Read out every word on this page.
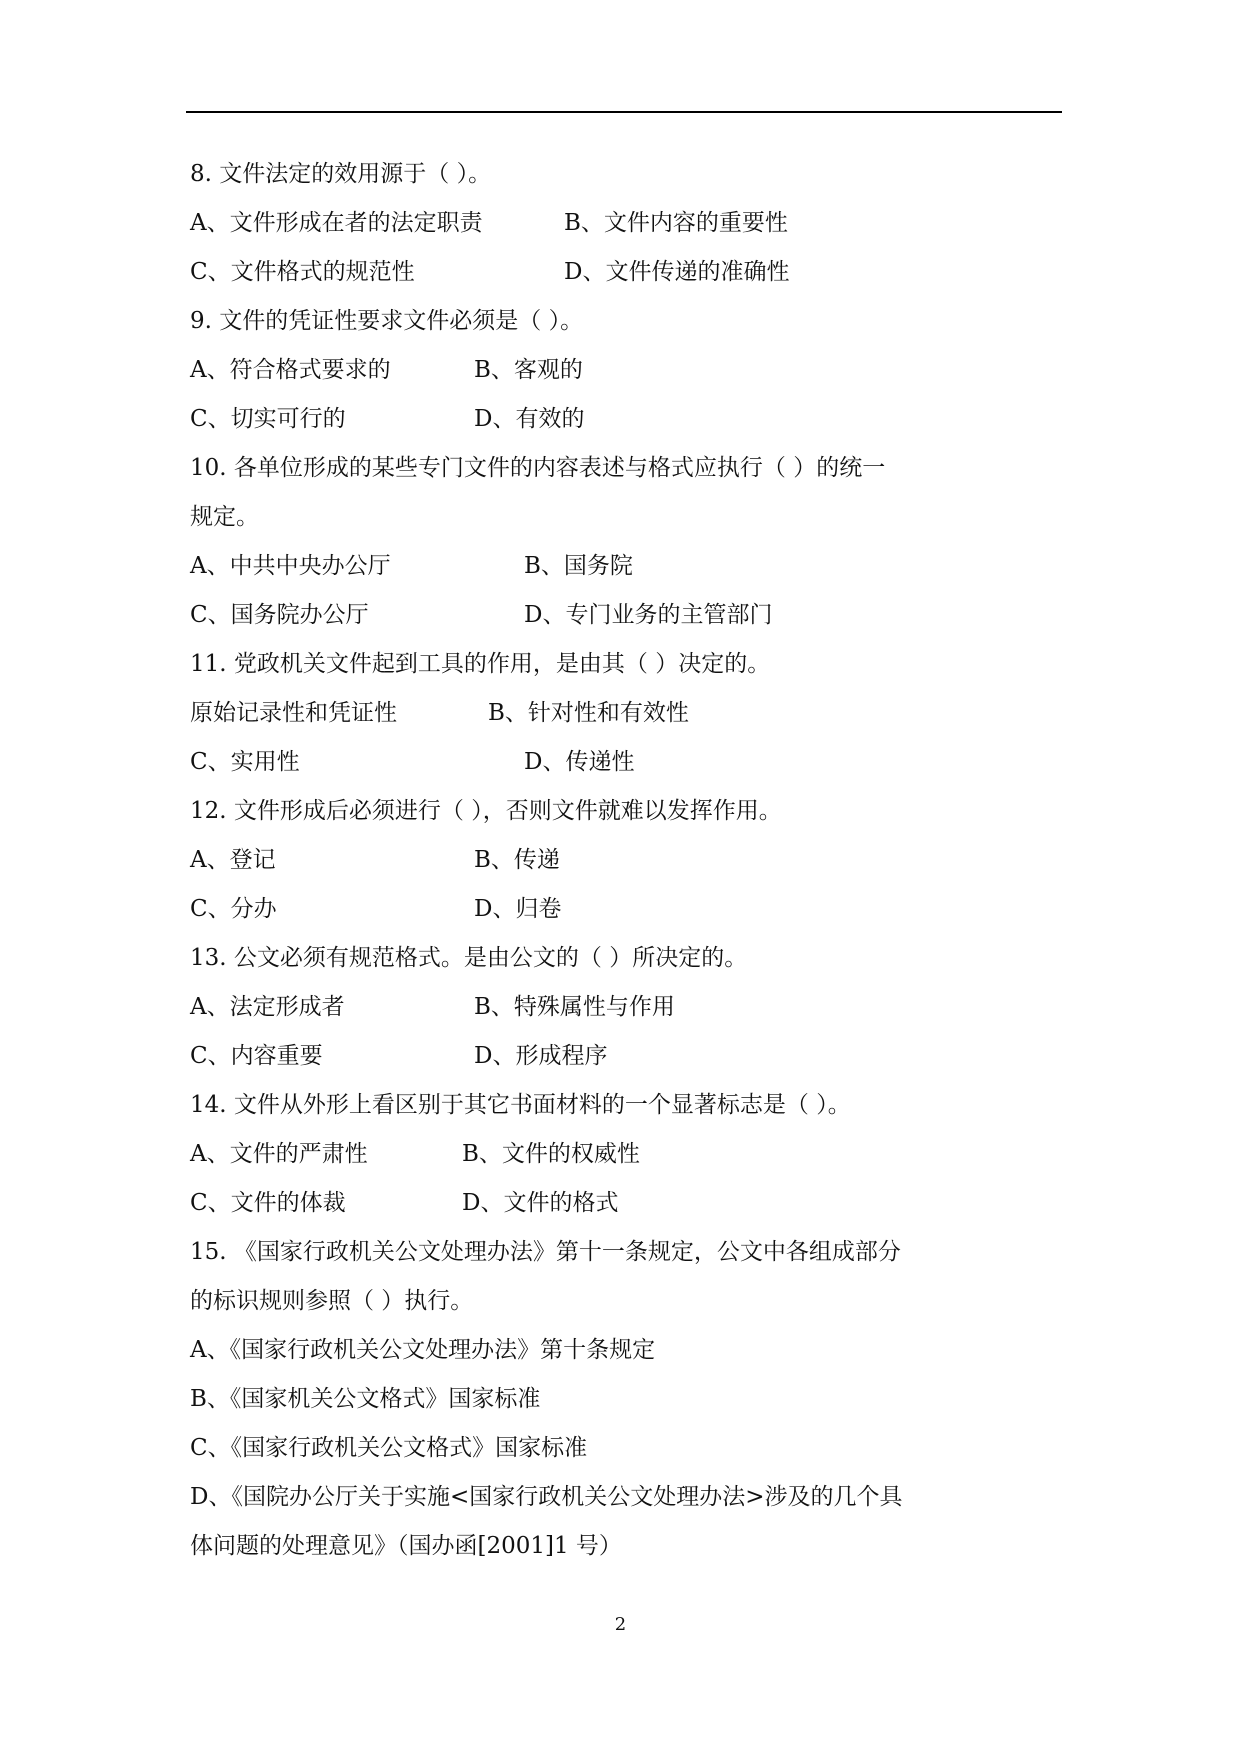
8. 文件法定的效用源于（ ）。
A、文件形成在者的法定职责	B、文件内容的重要性
C、文件格式的规范性	D、文件传递的准确性
9. 文件的凭证性要求文件必须是（ ）。
A、符合格式要求的	B、客观的
C、切实可行的	D、有效的
10. 各单位形成的某些专门文件的内容表述与格式应执行（ ）的统一
规定。
A、中共中央办公厅	B、国务院
C、国务院办公厅	D、专门业务的主管部门
11. 党政机关文件起到工具的作用，是由其（ ）决定的。
原始记录性和凭证性	B、针对性和有效性
C、实用性	D、传递性
12. 文件形成后必须进行（ ），否则文件就难以发挥作用。
A、登记	B、传递
C、分办	D、归卷
13. 公文必须有规范格式。是由公文的（ ）所决定的。
A、法定形成者	B、特殊属性与作用
C、内容重要	D、形成程序
14. 文件从外形上看区别于其它书面材料的一个显著标志是（ ）。
A、文件的严肃性	B、文件的权威性
C、文件的体裁	D、文件的格式
15. 《国家行政机关公文处理办法》第十一条规定，公文中各组成部分
的标识规则参照（ ）执行。
A、《国家行政机关公文处理办法》第十条规定
B、《国家机关公文格式》国家标准
C、《国家行政机关公文格式》国家标准
D、《国院办公厅关于实施<国家行政机关公文处理办法>涉及的几个具
体问题的处理意见》（国办函[2001]1 号）
2
